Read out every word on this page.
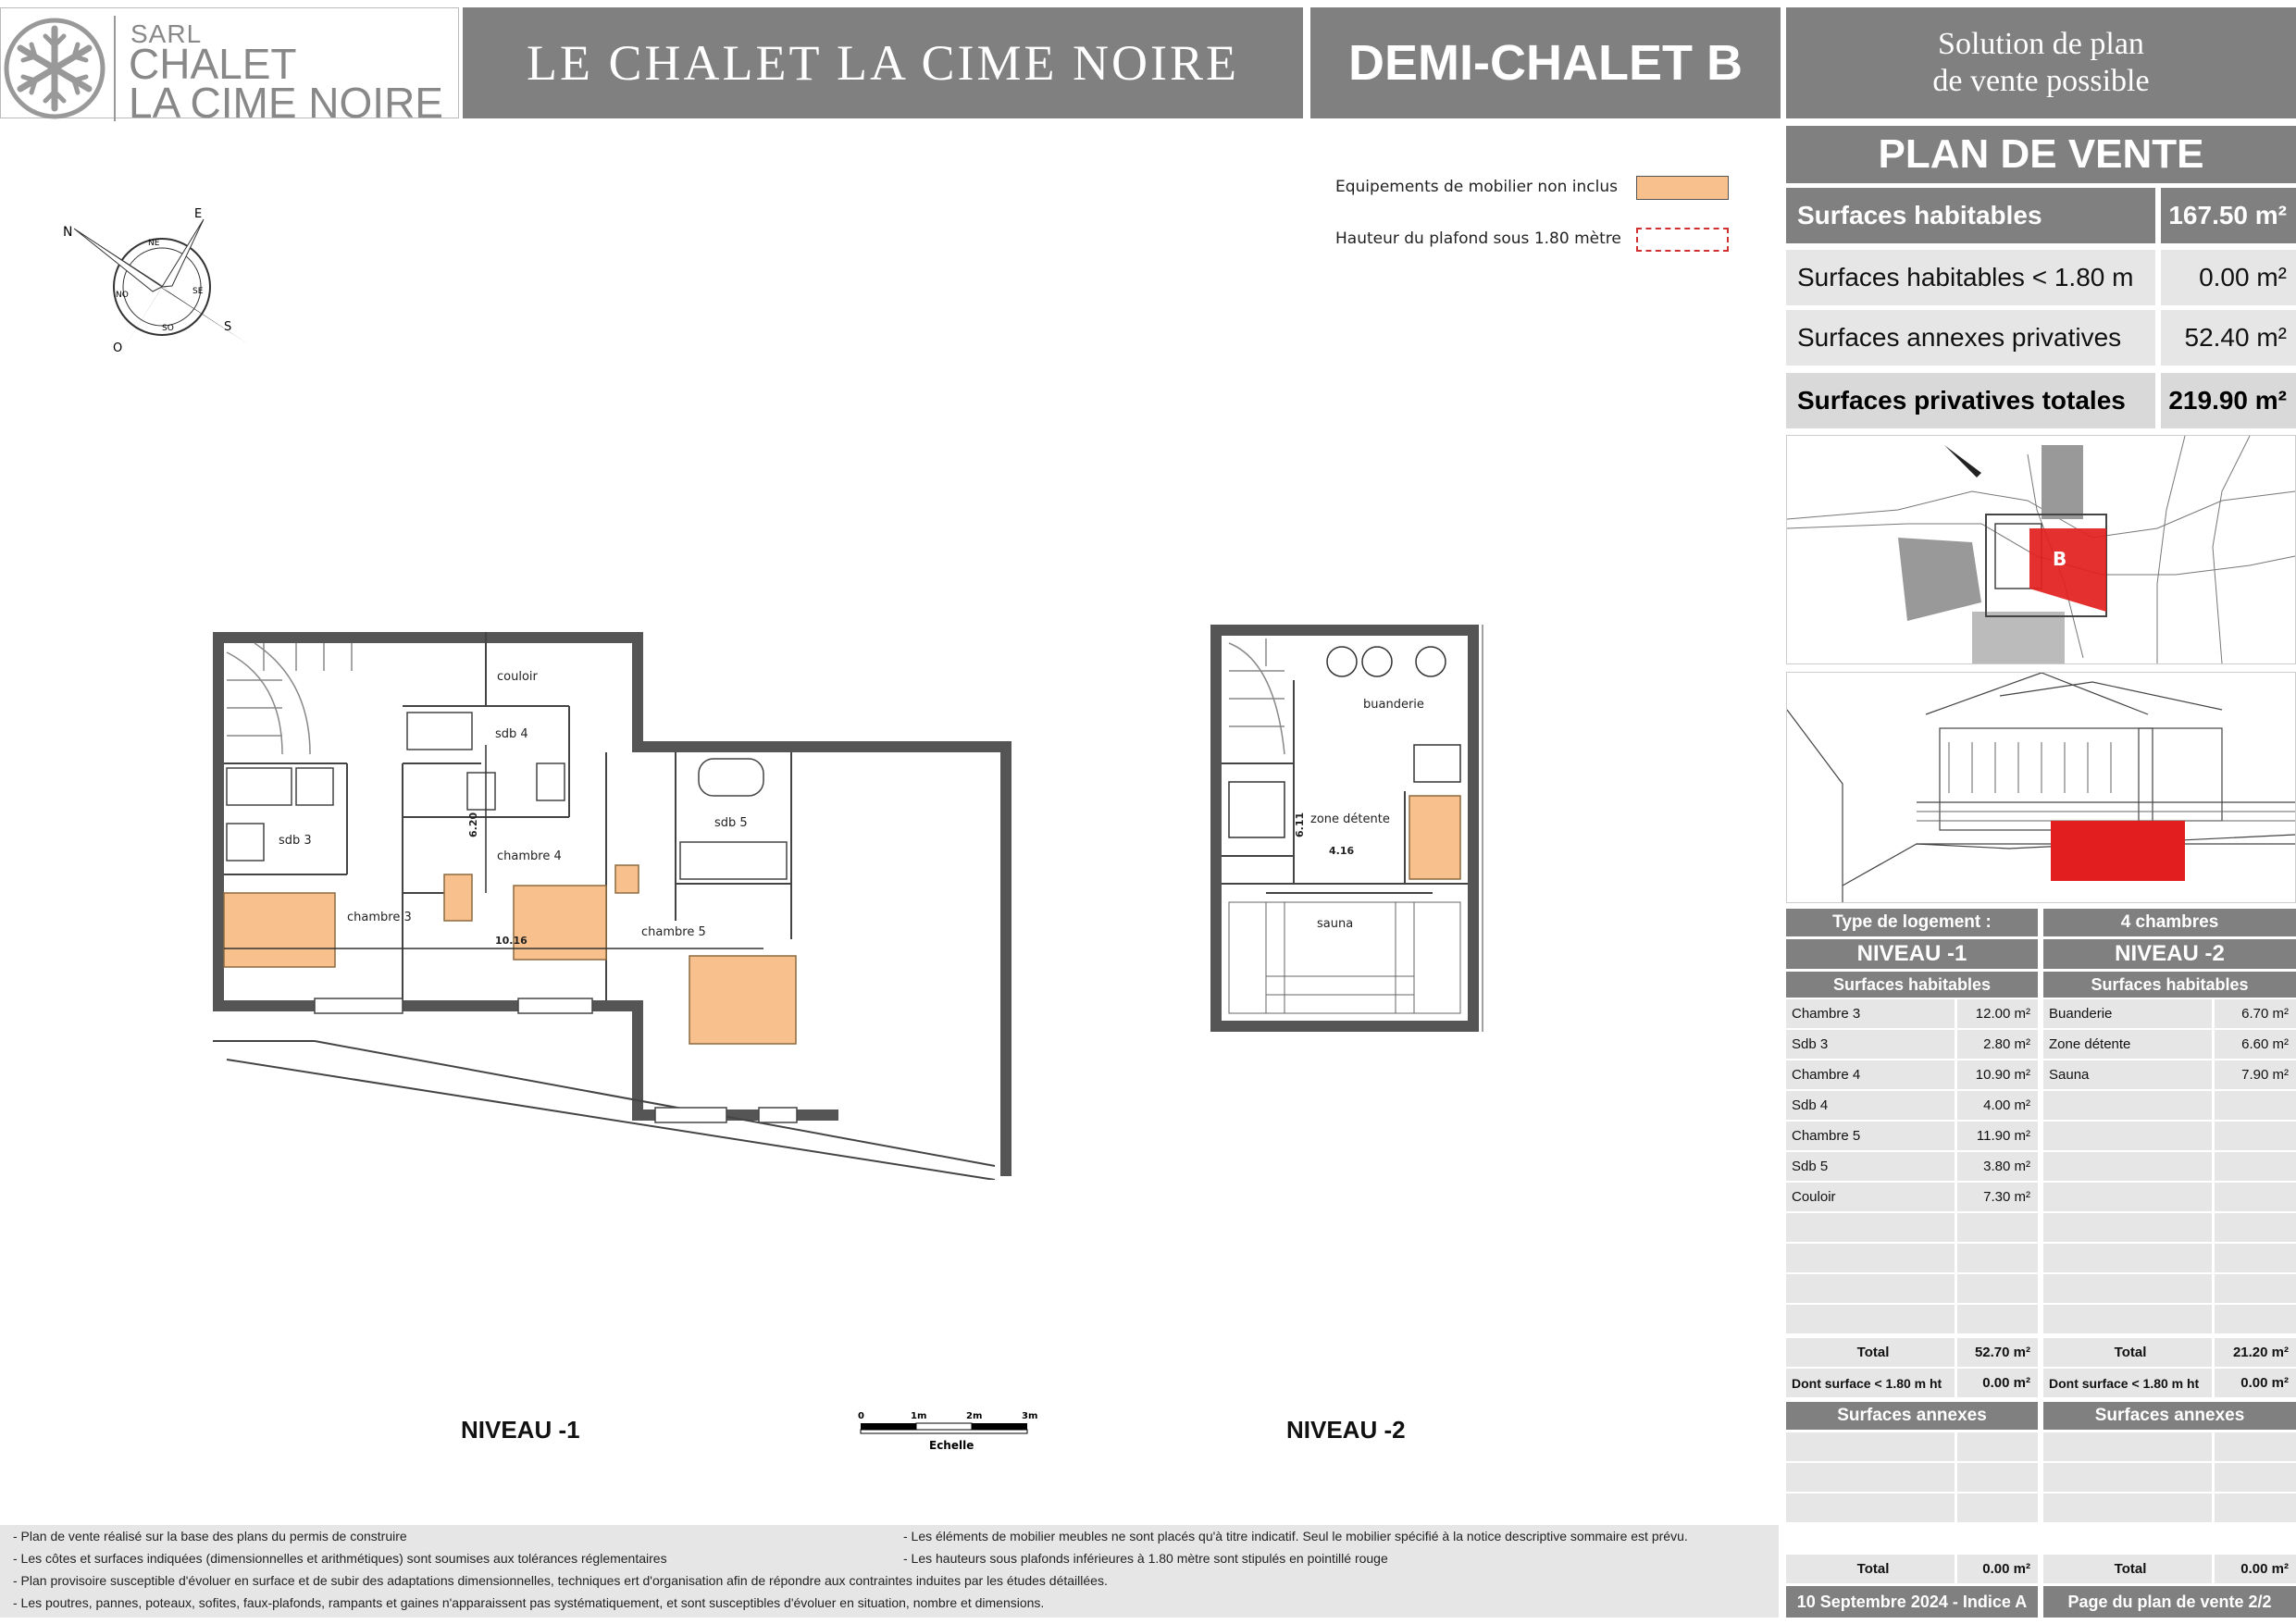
SARL
CHALET
LA CIME NOIRE
LE CHALET LA CIME NOIRE	DEMI-CHALET B	Solution de plan
de vente possible
Equipements de mobilier non inclus
Hauteur du plafond sous 1.80 mètre
N
E
S
O
NE
SE
SO
NO
couloir
sdb 4
sdb 3
chambre 4
sdb 5
chambre 3
chambre 5
6.20
10.16
buanderie
zone détente
sauna
6.11
4.16
NIVEAU -1	NIVEAU -2
0	1m	2m	3m
Echelle
PLAN DE VENTE
Surfaces habitables	167.50 m²
Surfaces habitables < 1.80 m	0.00 m²
Surfaces annexes privatives	52.40 m²
Surfaces privatives totales	219.90 m²
B
Type de logement :	4 chambres
NIVEAU -1	NIVEAU -2
Surfaces habitables	Surfaces habitables
Chambre 3	12.00 m²
Sdb 3	2.80 m²
Chambre 4	10.90 m²
Sdb 4	4.00 m²
Chambre 5	11.90 m²
Sdb 5	3.80 m²
Couloir	7.30 m²
Total	52.70 m²
Dont surface < 1.80 m ht	0.00 m²
Buanderie	6.70 m²
Zone détente	6.60 m²
Sauna	7.90 m²
Total	21.20 m²
Dont surface < 1.80 m ht	0.00 m²
Surfaces annexes	Surfaces annexes
Total	0.00 m²	Total	0.00 m²
10 Septembre 2024 - Indice A	Page du plan de vente 2/2
- Plan de vente réalisé sur la base des plans du permis de construire
- Les côtes et surfaces indiquées (dimensionnelles et arithmétiques) sont soumises aux tolérances réglementaires
- Plan provisoire susceptible d'évoluer en surface et de subir des adaptations dimensionnelles, techniques ert d'organisation afin de répondre aux contraintes induites par les études détaillées.
- Les poutres, pannes, poteaux, sofites, faux-plafonds, rampants et gaines n'apparaissent pas systématiquement, et sont susceptibles d'évoluer en situation, nombre et dimensions.
- Les éléments de mobilier meubles ne sont placés qu'à titre indicatif. Seul le mobilier spécifié à la notice descriptive sommaire est prévu.
- Les hauteurs sous plafonds inférieures à 1.80 mètre sont stipulés en pointillé rouge
